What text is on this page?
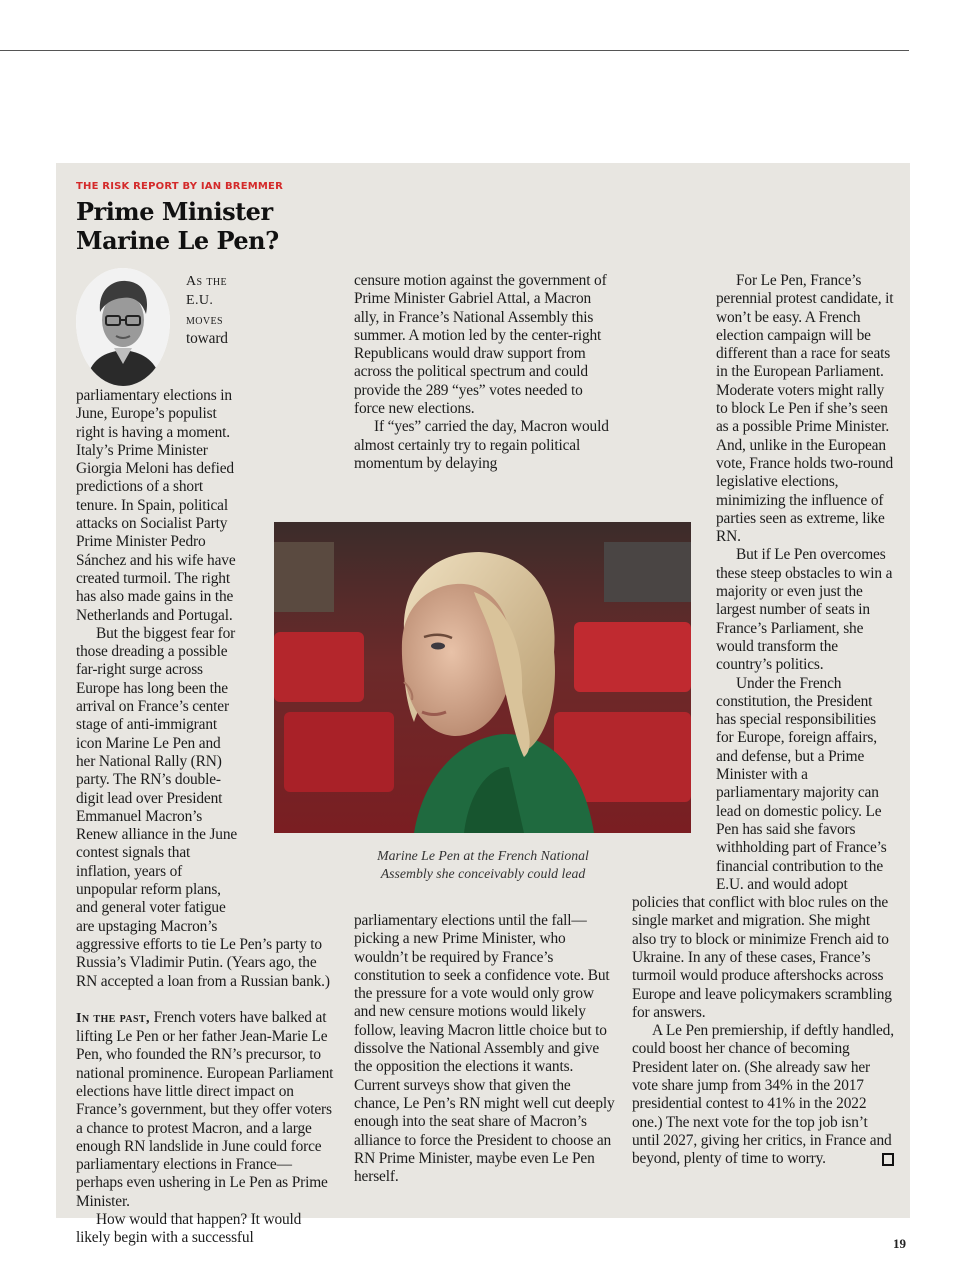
THE RISK REPORT BY IAN BREMMER
Prime Minister
Marine Le Pen?
Marine Le Pen at the French National Assembly she conceivably could lead

As the E.U. moves toward parliamentary elections in June, Europe’s populist right is having a moment. Italy’s Prime Minister Giorgia Meloni has defied predictions of a short tenure. In Spain, political attacks on Socialist Party Prime Minister Pedro Sánchez and his wife have created turmoil. The right has also made gains in the Netherlands and Portugal.

But the biggest fear for those dreading a possible far-right surge across Europe has long been the arrival on France’s center stage of anti-immigrant icon Marine Le Pen and her National Rally (RN) party. The RN’s double-digit lead over President Emmanuel Macron’s Renew alliance in the June contest signals that inflation, years of unpopular reform plans, and general voter fatigue are upstaging Macron’s aggressive efforts to tie Le Pen’s party to Russia’s Vladimir Putin. (Years ago, the RN accepted a loan from a Russian bank.)

In the past, French voters have balked at lifting Le Pen or her father Jean-Marie Le Pen, who founded the RN’s precursor, to national prominence. European Parliament elections have little direct impact on France’s government, but they offer voters a chance to protest Macron, and a large enough RN landslide in June could force parliamentary elections in France—perhaps even ushering in Le Pen as Prime Minister.

How would that happen? It would likely begin with a successful

censure motion against the government of Prime Minister Gabriel Attal, a Macron ally, in France’s National Assembly this summer. A motion led by the center-right Republicans would draw support from across the political spectrum and could provide the 289 “yes” votes needed to force new elections.

If “yes” carried the day, Macron would almost certainly try to regain political momentum by delaying

parliamentary elections until the fall—picking a new Prime Minister, who wouldn’t be required by France’s constitution to seek a confidence vote. But the pressure for a vote would only grow and new censure motions would likely follow, leaving Macron little choice but to dissolve the National Assembly and give the opposition the elections it wants. Current surveys show that given the chance, Le Pen’s RN might well cut deeply enough into the seat share of Macron’s alliance to force the President to choose an RN Prime Minister, maybe even Le Pen herself.

For Le Pen, France’s perennial protest candidate, it won’t be easy. A French election campaign will be different than a race for seats in the European Parliament. Moderate voters might rally to block Le Pen if she’s seen as a possible Prime Minister. And, unlike in the European vote, France holds two-round legislative elections, minimizing the influence of parties seen as extreme, like RN.

But if Le Pen overcomes these steep obstacles to win a majority or even just the largest number of seats in France’s Parliament, she would transform the country’s politics.

Under the French constitution, the President has special responsibilities for Europe, foreign affairs, and defense, but a Prime Minister with a parliamentary majority can lead on domestic policy. Le Pen has said she favors withholding part of France’s financial contribution to the E.U. and would adopt policies that conflict with bloc rules on the single market and migration. She might also try to block or minimize French aid to Ukraine. In any of these cases, France’s turmoil would produce aftershocks across Europe and leave policymakers scrambling for answers.

A Le Pen premiership, if deftly handled, could boost her chance of becoming President later on. (She already saw her vote share jump from 34% in the 2017 presidential contest to 41% in the 2022 one.) The next vote for the top job isn’t until 2027, giving her critics, in France and beyond, plenty of time to worry.

19
